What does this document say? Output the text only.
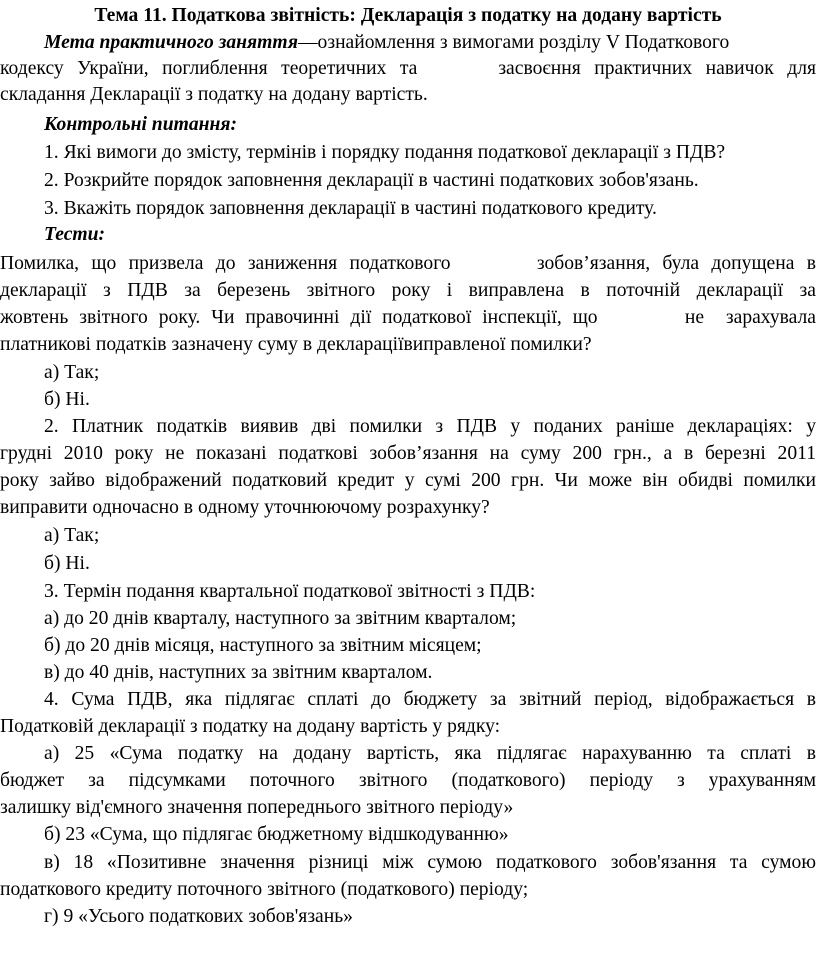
Тема 11. Податкова звітність: Декларація з податку на додану вартість
Мета практичного заняття—ознайомлення з вимогами розділу V Податкового
кодексу України, поглиблення теоретичних та      засвоєння практичних навичок для
складання Декларації з податку на додану вартість.
Контрольні питання:
1. Які вимоги до змісту, термінів і порядку подання податкової декларації з ПДВ?
2. Розкрийте порядок заповнення декларації в частині податкових зобов'язань.
3. Вкажіть порядок заповнення декларації в частині податкового кредиту.
Тести:
Помилка, що призвела до заниження податкового       зобов’язання, була допущена в
декларації з ПДВ за березень звітного року і виправлена в поточній декларації за
жовтень звітного року. Чи правочинні дії податкової інспекції, що        не  зарахувала
платникові податків зазначену суму в деклараціївиправленої помилки?
а) Так;
б) Ні.
2. Платник податків виявив дві помилки з ПДВ у поданих раніше деклараціях: у
грудні 2010 року не показані податкові зобов’язання на суму 200 грн., а в березні 2011
року зайво відображений податковий кредит у сумі 200 грн. Чи може він обидві помилки
виправити одночасно в одному уточнюючому розрахунку?
а) Так;
б) Ні.
3. Термін подання квартальної податкової звітності з ПДВ:
а) до 20 днів кварталу, наступного за звітним кварталом;
б) до 20 днів місяця, наступного за звітним місяцем;
в) до 40 днів, наступних за звітним кварталом.
4. Сума ПДВ, яка підлягає сплаті до бюджету за звітний період, відображається в
Податковій декларації з податку на додану вартість у рядку:
а) 25 «Сума податку на додану вартість, яка підлягає нарахуванню та сплаті в
бюджет за підсумками поточного звітного (податкового) періоду з урахуванням
залишку від'ємного значення попереднього звітного періоду»
б) 23 «Сума, що підлягає бюджетному відшкодуванню»
в) 18 «Позитивне значення різниці між сумою податкового зобов'язання та сумою
податкового кредиту поточного звітного (податкового) періоду;
г) 9 «Усього податкових зобов'язань»
